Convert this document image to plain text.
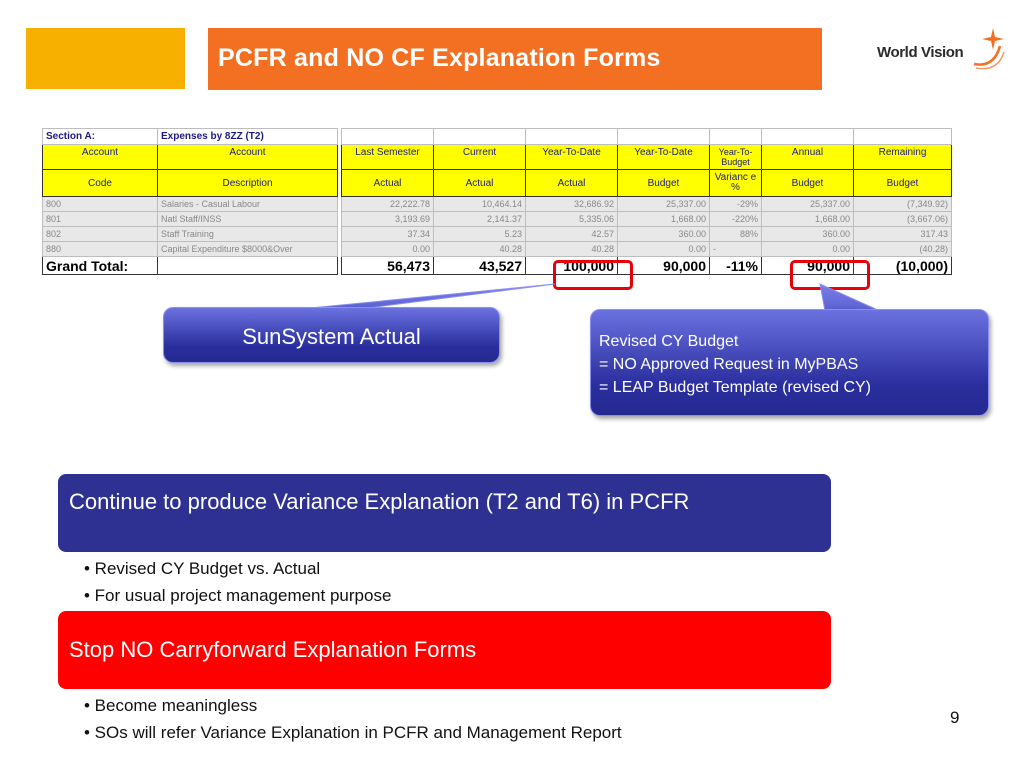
PCFR and NO CF Explanation Forms	World Vision
Section A:	Expenses by 8ZZ (T2)								
Account	Account		Last Semester	Current	Year-To-Date	Year-To-Date	Year-To-Budget	Annual	Remaining
Code	Description		Actual	Actual	Actual	Budget	Varianc e %	Budget	Budget
800	Salaries - Casual Labour		22,222.78	10,464.14	32,686.92	25,337.00	-29%	25,337.00	(7,349.92)
801	Natl Staff/INSS		3,193.69	2,141.37	5,335.06	1,668.00	-220%	1,668.00	(3,667.06)
802	Staff Training		37.34	5.23	42.57	360.00	88%	360.00	317.43
880	Capital Expenditure $8000&Over		0.00	40.28	40.28	0.00	-	0.00	(40.28)
Grand Total:			56,473	43,527	100,000	90,000	-11%	90,000	(10,000)
SunSystem Actual	Revised CY Budget
= NO Approved Request in MyPBAS
= LEAP Budget Template (revised CY)
Continue to produce Variance Explanation (T2 and T6) in PCFR
• Revised CY Budget vs. Actual
• For usual project management purpose
Stop NO Carryforward Explanation Forms
• Become meaningless
• SOs will refer Variance Explanation in PCFR and Management Report
9
